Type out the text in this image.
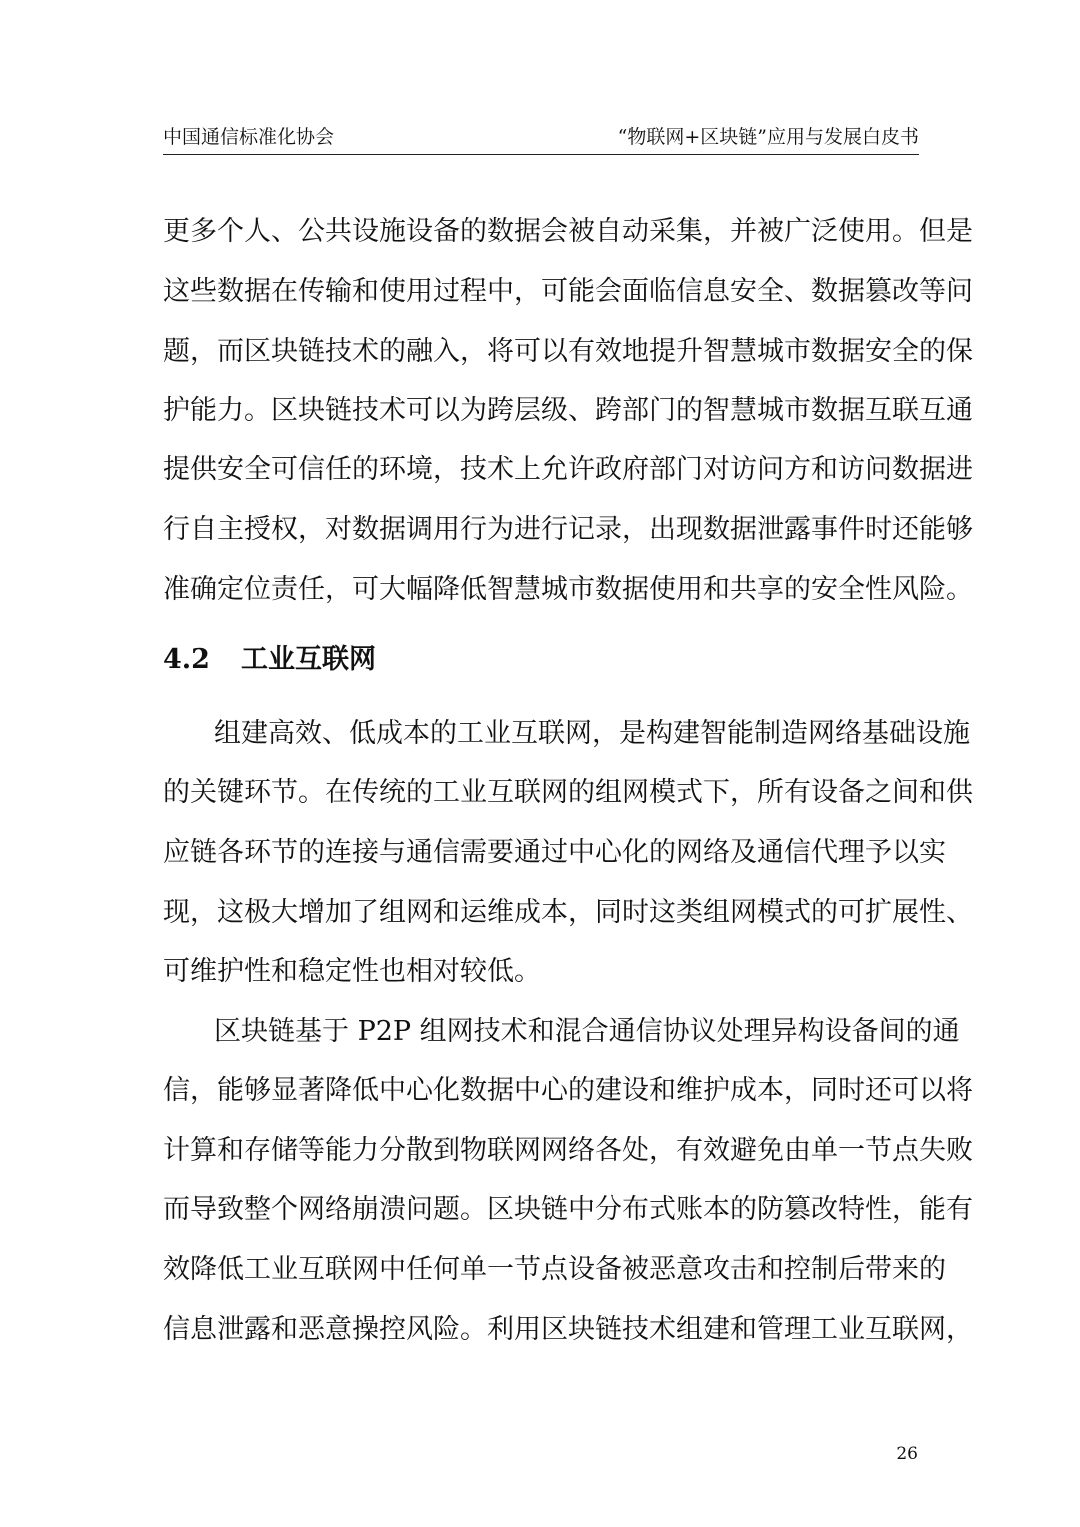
中国通信标准化协会	“物联网+区块链”应用与发展白皮书
更多个人、公共设施设备的数据会被自动采集，并被广泛使用。但是
这些数据在传输和使用过程中，可能会面临信息安全、数据篡改等问
题，而区块链技术的融入，将可以有效地提升智慧城市数据安全的保
护能力。区块链技术可以为跨层级、跨部门的智慧城市数据互联互通
提供安全可信任的环境，技术上允许政府部门对访问方和访问数据进
行自主授权，对数据调用行为进行记录，出现数据泄露事件时还能够
准确定位责任，可大幅降低智慧城市数据使用和共享的安全性风险。
4.2 工业互联网
组建高效、低成本的工业互联网，是构建智能制造网络基础设施
的关键环节。在传统的工业互联网的组网模式下，所有设备之间和供
应链各环节的连接与通信需要通过中心化的网络及通信代理予以实
现，这极大增加了组网和运维成本，同时这类组网模式的可扩展性、
可维护性和稳定性也相对较低。
区块链基于 P2P 组网技术和混合通信协议处理异构设备间的通
信，能够显著降低中心化数据中心的建设和维护成本，同时还可以将
计算和存储等能力分散到物联网网络各处，有效避免由单一节点失败
而导致整个网络崩溃问题。区块链中分布式账本的防篡改特性，能有
效降低工业互联网中任何单一节点设备被恶意攻击和控制后带来的
信息泄露和恶意操控风险。利用区块链技术组建和管理工业互联网，
26
